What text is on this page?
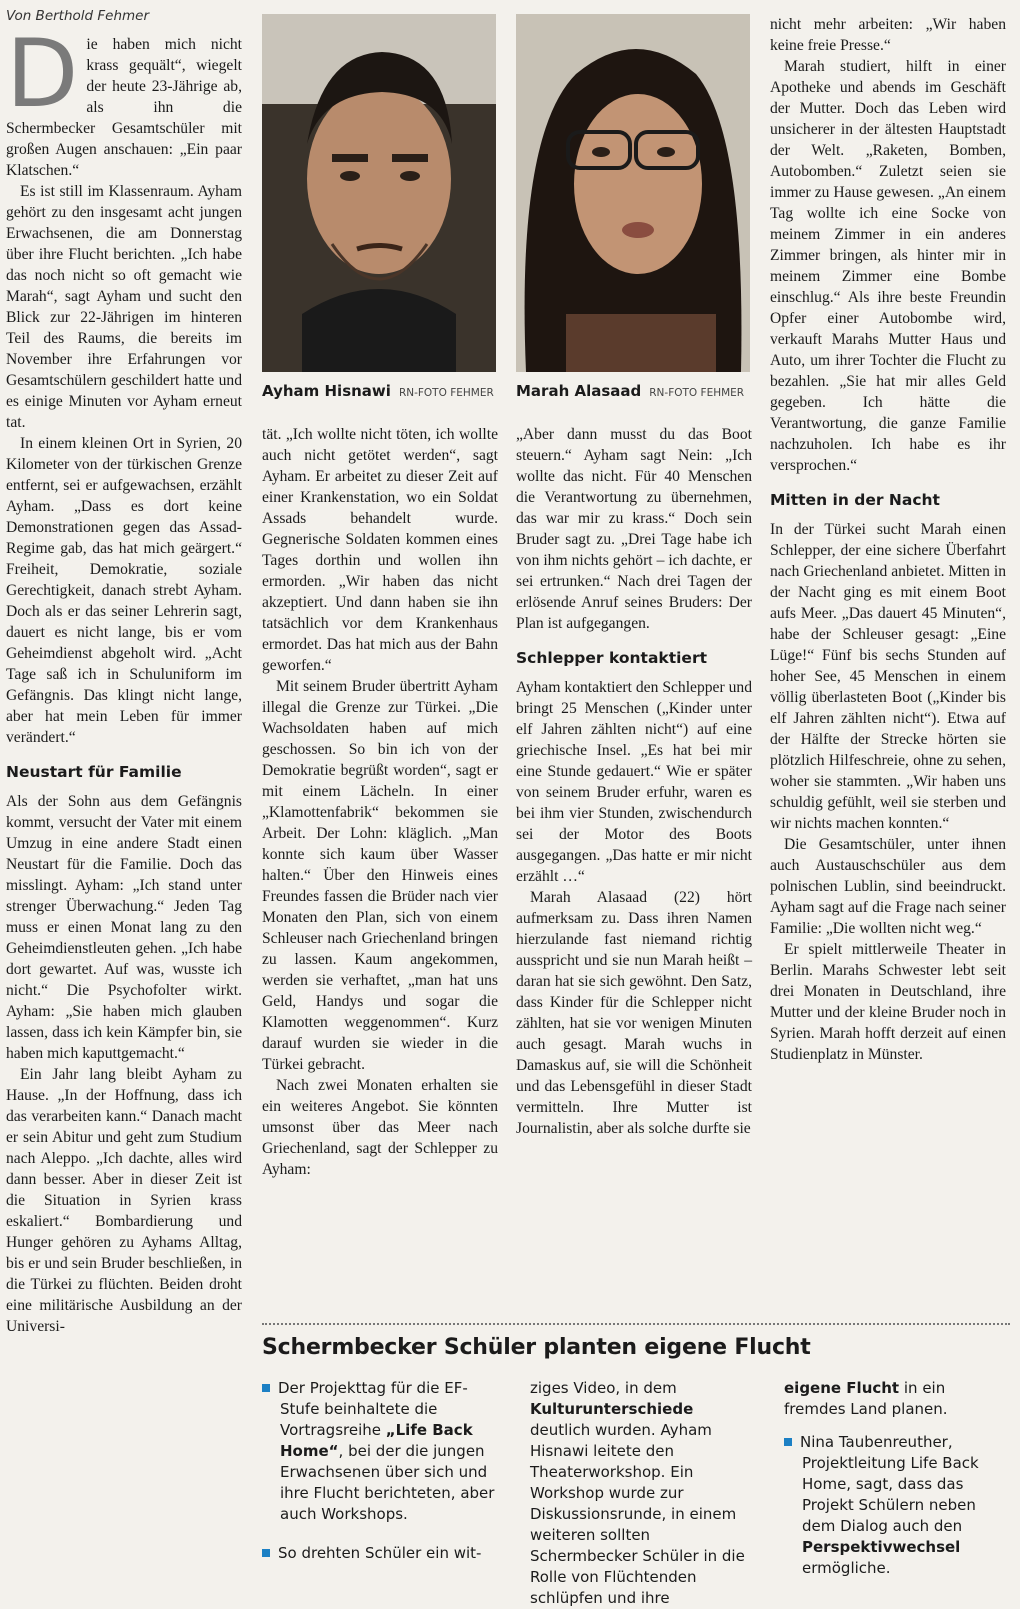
Von Berthold Fehmer
D ie haben mich nicht krass gequält“, wiegelt der heute 23-Jährige ab, als ihn die Schermbecker Gesamtschüler mit großen Augen anschauen: „Ein paar Klatschen.“

Es ist still im Klassenraum. Ayham gehört zu den insgesamt acht jungen Erwachsenen, die am Donnerstag über ihre Flucht berichten. „Ich habe das noch nicht so oft gemacht wie Marah“, sagt Ayham und sucht den Blick zur 22-Jährigen im hinteren Teil des Raums, die bereits im November ihre Erfahrungen vor Gesamtschülern geschildert hatte und es einige Minuten vor Ayham erneut tat.

In einem kleinen Ort in Syrien, 20 Kilometer von der türkischen Grenze entfernt, sei er aufgewachsen, erzählt Ayham. „Dass es dort keine Demonstrationen gegen das Assad-Regime gab, das hat mich geärgert.“ Freiheit, Demokratie, soziale Gerechtigkeit, danach strebt Ayham. Doch als er das seiner Lehrerin sagt, dauert es nicht lange, bis er vom Geheimdienst abgeholt wird. „Acht Tage saß ich in Schuluniform im Gefängnis. Das klingt nicht lange, aber hat mein Leben für immer verändert.“

Neustart für Familie

Als der Sohn aus dem Gefängnis kommt, versucht der Vater mit einem Umzug in eine andere Stadt einen Neustart für die Familie. Doch das misslingt. Ayham: „Ich stand unter strenger Überwachung.“ Jeden Tag muss er einen Monat lang zu den Geheimdienstleuten gehen. „Ich habe dort gewartet. Auf was, wusste ich nicht.“ Die Psychofolter wirkt. Ayham: „Sie haben mich glauben lassen, dass ich kein Kämpfer bin, sie haben mich kaputtgemacht.“

Ein Jahr lang bleibt Ayham zu Hause. „In der Hoffnung, dass ich das verarbeiten kann.“ Danach macht er sein Abitur und geht zum Studium nach Aleppo. „Ich dachte, alles wird dann besser. Aber in dieser Zeit ist die Situation in Syrien krass eskaliert.“ Bombardierung und Hunger gehören zu Ayhams Alltag, bis er und sein Bruder beschließen, in die Türkei zu flüchten. Beiden droht eine militärische Ausbildung an der Universi-

Ayham Hisnawi RN-FOTO FEHMER Marah Alasaad RN-FOTO FEHMER

tät. „Ich wollte nicht töten, ich wollte auch nicht getötet werden“, sagt Ayham. Er arbeitet zu dieser Zeit auf einer Krankenstation, wo ein Soldat Assads behandelt wurde. Gegnerische Soldaten kommen eines Tages dorthin und wollen ihn ermorden. „Wir haben das nicht akzeptiert. Und dann haben sie ihn tatsächlich vor dem Krankenhaus ermordet. Das hat mich aus der Bahn geworfen.“

Mit seinem Bruder übertritt Ayham illegal die Grenze zur Türkei. „Die Wachsoldaten haben auf mich geschossen. So bin ich von der Demokratie begrüßt worden“, sagt er mit einem Lächeln. In einer „Klamottenfabrik“ bekommen sie Arbeit. Der Lohn: kläglich. „Man konnte sich kaum über Wasser halten.“ Über den Hinweis eines Freundes fassen die Brüder nach vier Monaten den Plan, sich von einem Schleuser nach Griechenland bringen zu lassen. Kaum angekommen, werden sie verhaftet, „man hat uns Geld, Handys und sogar die Klamotten weggenommen“. Kurz darauf wurden sie wieder in die Türkei gebracht.

Nach zwei Monaten erhalten sie ein weiteres Angebot. Sie könnten umsonst über das Meer nach Griechenland, sagt der Schlepper zu Ayham:

„Aber dann musst du das Boot steuern.“ Ayham sagt Nein: „Ich wollte das nicht. Für 40 Menschen die Verantwortung zu übernehmen, das war mir zu krass.“ Doch sein Bruder sagt zu. „Drei Tage habe ich von ihm nichts gehört – ich dachte, er sei ertrunken.“ Nach drei Tagen der erlösende Anruf seines Bruders: Der Plan ist aufgegangen.

Schlepper kontaktiert

Ayham kontaktiert den Schlepper und bringt 25 Menschen („Kinder unter elf Jahren zählten nicht“) auf eine griechische Insel. „Es hat bei mir eine Stunde gedauert.“ Wie er später von seinem Bruder erfuhr, waren es bei ihm vier Stunden, zwischendurch sei der Motor des Boots ausgegangen. „Das hatte er mir nicht erzählt …“

Marah Alasaad (22) hört aufmerksam zu. Dass ihren Namen hierzulande fast niemand richtig ausspricht und sie nun Marah heißt – daran hat sie sich gewöhnt. Den Satz, dass Kinder für die Schlepper nicht zählten, hat sie vor wenigen Minuten auch gesagt. Marah wuchs in Damaskus auf, sie will die Schönheit und das Lebensgefühl in dieser Stadt vermitteln. Ihre Mutter ist Journalistin, aber als solche durfte sie

nicht mehr arbeiten: „Wir haben keine freie Presse.“

Marah studiert, hilft in einer Apotheke und abends im Geschäft der Mutter. Doch das Leben wird unsicherer in der ältesten Hauptstadt der Welt. „Raketen, Bomben, Autobomben.“ Zuletzt seien sie immer zu Hause gewesen. „An einem Tag wollte ich eine Socke von meinem Zimmer in ein anderes Zimmer bringen, als hinter mir in meinem Zimmer eine Bombe einschlug.“ Als ihre beste Freundin Opfer einer Autobombe wird, verkauft Marahs Mutter Haus und Auto, um ihrer Tochter die Flucht zu bezahlen. „Sie hat mir alles Geld gegeben. Ich hätte die Verantwortung, die ganze Familie nachzuholen. Ich habe es ihr versprochen.“

Mitten in der Nacht

In der Türkei sucht Marah einen Schlepper, der eine sichere Überfahrt nach Griechenland anbietet. Mitten in der Nacht ging es mit einem Boot aufs Meer. „Das dauert 45 Minuten“, habe der Schleuser gesagt: „Eine Lüge!“ Fünf bis sechs Stunden auf hoher See, 45 Menschen in einem völlig überlasteten Boot („Kinder bis elf Jahren zählten nicht“). Etwa auf der Hälfte der Strecke hörten sie plötzlich Hilfeschreie, ohne zu sehen, woher sie stammten. „Wir haben uns schuldig gefühlt, weil sie sterben und wir nichts machen konnten.“

Die Gesamtschüler, unter ihnen auch Austauschschüler aus dem polnischen Lublin, sind beeindruckt. Ayham sagt auf die Frage nach seiner Familie: „Die wollten nicht weg.“

Er spielt mittlerweile Theater in Berlin. Marahs Schwester lebt seit drei Monaten in Deutschland, ihre Mutter und der kleine Bruder noch in Syrien. Marah hofft derzeit auf einen Studienplatz in Münster.

Schermbecker Schüler planten eigene Flucht

Der Projekttag für die EF-Stufe beinhaltete die Vortragsreihe „Life Back Home“, bei der die jungen Erwachsenen über sich und ihre Flucht berichteten, aber auch Workshops.

So drehten Schüler ein wit-

ziges Video, in dem Kulturunterschiede deutlich wurden. Ayham Hisnawi leitete den Theaterworkshop. Ein Workshop wurde zur Diskussionsrunde, in einem weiteren sollten Schermbecker Schüler in die Rolle von Flüchtenden schlüpfen und ihre

eigene Flucht in ein fremdes Land planen.

Nina Taubenreuther, Projektleitung Life Back Home, sagt, dass das Projekt Schülern neben dem Dialog auch den Perspektivwechsel ermögliche.
